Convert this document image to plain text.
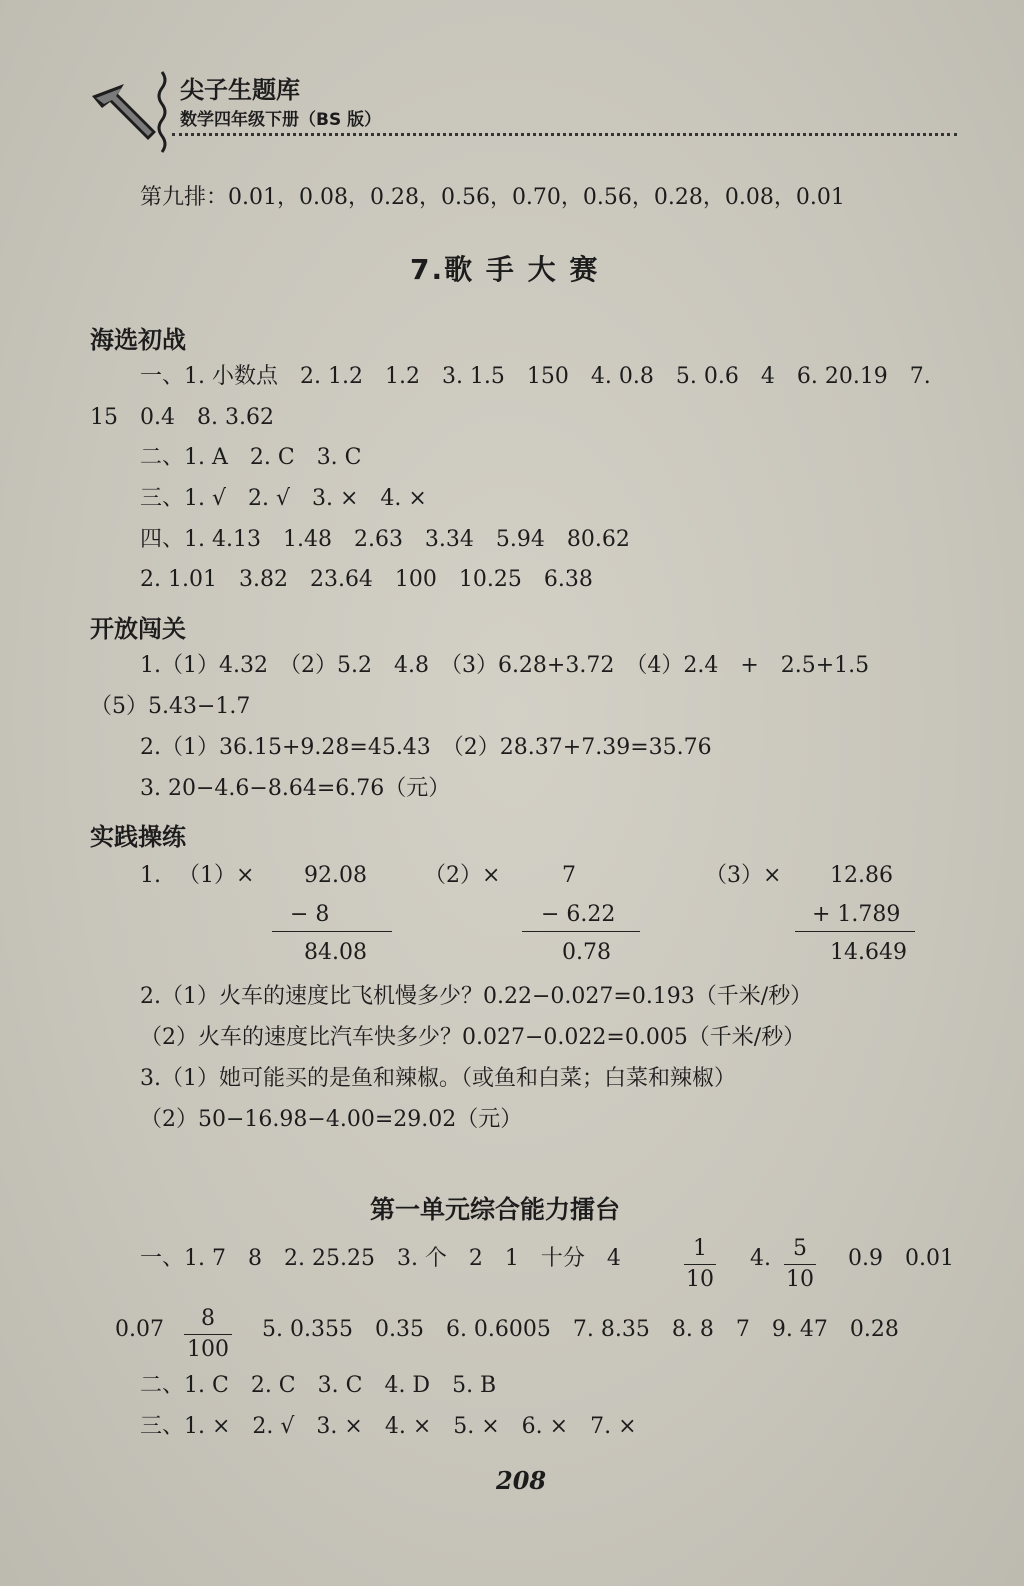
尖子生题库
数学四年级下册（BS 版）
第九排：0.01，0.08，0.28，0.56，0.70，0.56，0.28，0.08，0.01
7.歌 手 大 赛
海选初战
一、1. 小数点　2. 1.2　1.2　3. 1.5　150　4. 0.8　5. 0.6　4　6. 20.19　7.
15　0.4　8. 3.62
二、1. A　2. C　3. C
三、1. √　2. √　3. ×　4. ×
四、1. 4.13　1.48　2.63　3.34　5.94　80.62
2. 1.01　3.82　23.64　100　10.25　6.38
开放闯关
1.（1）4.32　（2）5.2　4.8　（3）6.28+3.72　（4）2.4　+　2.5+1.5
（5）5.43−1.7
2.（1）36.15+9.28=45.43　（2）28.37+7.39=35.76
3. 20−4.6−8.64=6.76（元）
实践操练
1. （1）× 92.08
− 8
84.08
（2）×	7
− 6.22
0.78
（3）× 12.86
+ 1.789
14.649
2.（1）火车的速度比飞机慢多少？0.22−0.027=0.193（千米/秒）
（2）火车的速度比汽车快多少？0.027−0.022=0.005（千米/秒）
3.（1）她可能买的是鱼和辣椒。（或鱼和白菜；白菜和辣椒）
（2）50−16.98−4.00=29.02（元）
第一单元综合能力擂台
一、1. 7　8　2. 25.25　3. 个　2　1　十分　4	1
10
4.	5
10
0.9　0.01
0.07	8
100
5. 0.355　0.35　6. 0.6005　7. 8.35　8. 8　7　9. 47　0.28
二、1. C　2. C　3. C　4. D　5. B
三、1. ×　2. √　3. ×　4. ×　5. ×　6. ×　7. ×
208
